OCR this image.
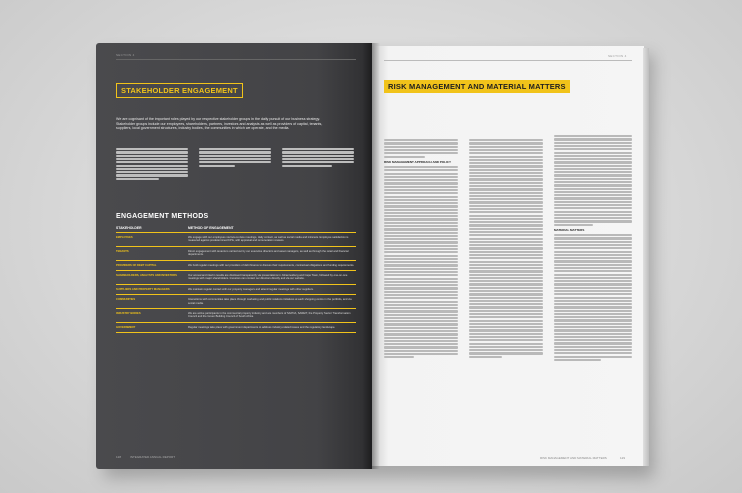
SECTION 4
STAKEHOLDER ENGAGEMENT
We are cognisant of the important roles played by our respective stakeholder groups in the daily pursuit of our business strategy. Stakeholder groups include our employees, shareholders, partners, investors and analysts as well as providers of capital, tenants, suppliers, local government structures, industry bodies, the communities in which we operate, and the media.
ENGAGEMENT METHODS
STAKEHOLDER	METHOD OF ENGAGEMENT
EMPLOYEES	We engage with our employees via face-to-face meetings, daily contact, as well as social media and intranets. Employee satisfaction is measured against predetermined KPIs, with appraisal and remuneration reviews.
TENANTS	Direct engagement with tenants is carried out by our executive directors and asset managers, as well as through the retail and financial departments.
PROVIDERS OF DEBT CAPITAL	We hold regular meetings with our providers of debt finance to discuss their requirements, contractual obligations and funding requirements.
SHAREHOLDERS, ANALYSTS AND INVESTORS	Our annual and interim results are disclosed transparently via presentations in Johannesburg and Cape Town, followed by one-on-one meetings with major shareholders. Investors can contact our directors directly and via our website.
SUPPLIERS AND PROPERTY MANAGERS	We maintain regular contact with our property managers and attend regular meetings with other suppliers.
COMMUNITIES	Interactions with communities take place through marketing and public relations initiatives at each shopping centre in the portfolio, and via social media.
INDUSTRY BODIES	We are active participants in the commercial property industry and are members of SAPOA, SAREIT, the Property Sector Transformation Council and the Green Building Council of South Africa.
GOVERNMENT	Regular meetings take place with government departments to address industry-related issues and the regulatory landscape.
128	INTEGRATED ANNUAL REPORT
SECTION 4
RISK MANAGEMENT AND MATERIAL MATTERS
RISK MANAGEMENT APPROACH AND POLICY
MATERIAL MATTERS
RISK MANAGEMENT AND MATERIAL MATTERS	129
